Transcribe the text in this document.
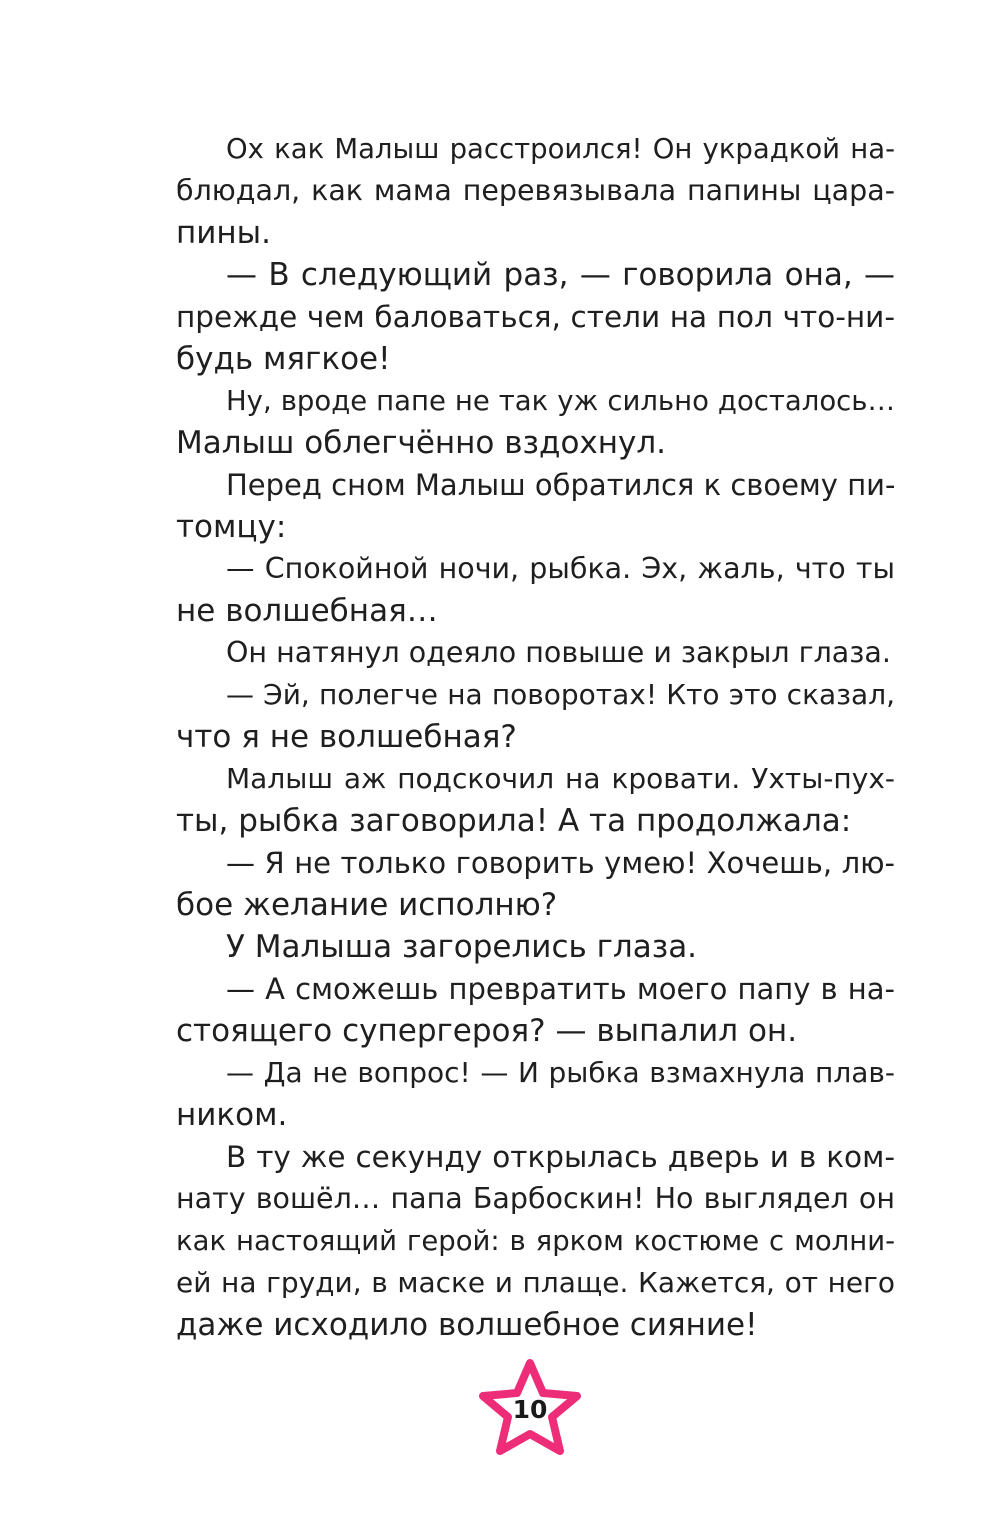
Ох как Малыш расстроился! Он украдкой на-
блюдал, как мама перевязывала папины цара-
пины.
— В следующий раз, — говорила она, —
прежде чем баловаться, стели на пол что-ни-
будь мягкое!
Ну, вроде папе не так уж сильно досталось…
Малыш облегчённо вздохнул.
Перед сном Малыш обратился к своему пи-
томцу:
— Спокойной ночи, рыбка. Эх, жаль, что ты
не волшебная…
Он натянул одеяло повыше и закрыл глаза.
— Эй, полегче на поворотах! Кто это сказал,
что я не волшебная?
Малыш аж подскочил на кровати. Ухты-пух-
ты, рыбка заговорила! А та продолжала:
— Я не только говорить умею! Хочешь, лю-
бое желание исполню?
У Малыша загорелись глаза.
— А сможешь превратить моего папу в на-
стоящего супергероя? — выпалил он.
— Да не вопрос! — И рыбка взмахнула плав-
ником.
В ту же секунду открылась дверь и в ком-
нату вошёл… папа Барбоскин! Но выглядел он
как настоящий герой: в ярком костюме с молни-
ей на груди, в маске и плаще. Кажется, от него
даже исходило волшебное сияние!
10
